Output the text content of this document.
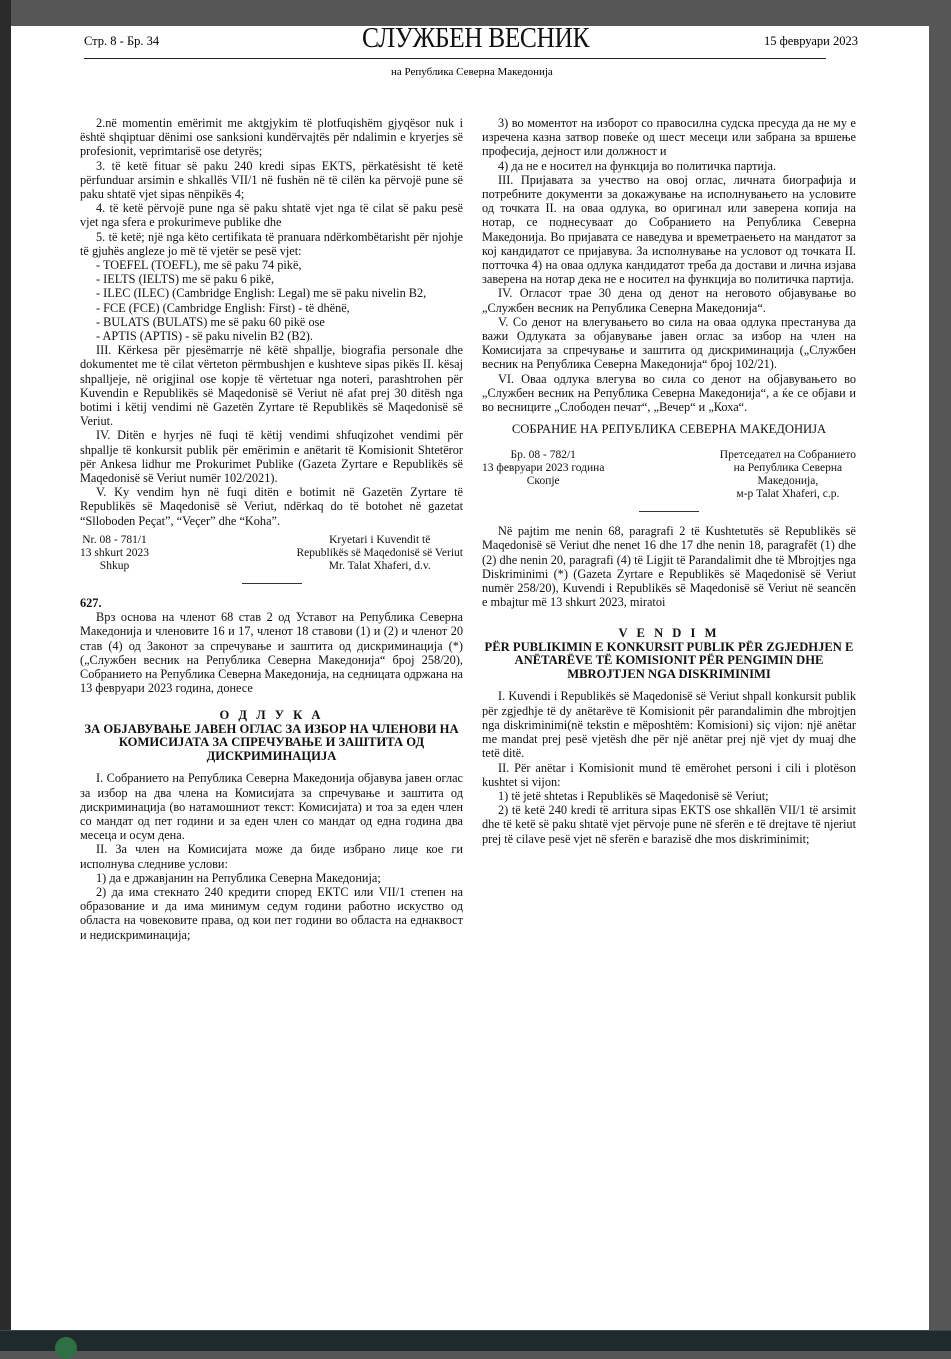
Стр. 8 - Бр. 34	СЛУЖБЕН ВЕСНИК
на Република Северна Македонија
15 февруари 2023

2.në momentin emërimit me aktgjykim të plotfuqishëm gjyqësor nuk i është shqiptuar dënimi ose sanksioni kundërvajtës për ndalimin e kryerjes së profesionit, veprimtarisë ose detyrës;

3. të ketë fituar së paku 240 kredi sipas EKTS, përkatësisht të ketë përfunduar arsimin e shkallës VII/1 në fushën në të cilën ka përvojë pune së paku shtatë vjet sipas nënpikës 4;

4. të ketë përvojë pune nga së paku shtatë vjet nga të cilat së paku pesë vjet nga sfera e prokurimeve publike dhe

5. të ketë; një nga këto certifikata të pranuara ndërkombëtarisht për njohje të gjuhës angleze jo më të vjetër se pesë vjet:

- TOEFEL (TOEFL), me së paku 74 pikë,

- IELTS (IELTS) me së paku 6 pikë,

- ILEC (ILEC) (Cambridge English: Legal) me së paku nivelin B2,

- FCE (FCE) (Cambridge English: First) - të dhënë,

- BULATS (BULATS) me së paku 60 pikë ose

- APTIS (APTIS) - së paku nivelin B2 (B2).

III. Kërkesa për pjesëmarrje në këtë shpallje, biografia personale dhe dokumentet me të cilat vërteton përmbushjen e kushteve sipas pikës II. kësaj shpalljeje, në origjinal ose kopje të vërtetuar nga noteri, parashtrohen për Kuvendin e Republikës së Maqedonisë së Veriut në afat prej 30 ditësh nga botimi i këtij vendimi në Gazetën Zyrtare të Republikës së Maqedonisë së Veriut.

IV. Ditën e hyrjes në fuqi të këtij vendimi shfuqizohet vendimi për shpallje të konkursit publik për emërimin e anëtarit të Komisionit Shtetëror për Ankesa lidhur me Prokurimet Publike (Gazeta Zyrtare e Republikës së Maqedonisë së Veriut numër 102/2021).

V. Ky vendim hyn në fuqi ditën e botimit në Gazetën Zyrtare të Republikës së Maqedonisë së Veriut, ndërkaq do të botohet në gazetat “Slloboden Peçat”, “Veçer” dhe “Koha”.

Nr. 08 - 781/1
13 shkurt 2023
Shkup
Kryetari i Kuvendit të
Republikës së Maqedonisë së Veriut
Mr. Talat Xhaferi, d.v.

627.

Врз основа на членот 68 став 2 од Уставот на Република Северна Македонија и членовите 16 и 17, членот 18 ставови (1) и (2) и членот 20 став (4) од Законот за спречување и заштита од дискриминација (*) („Службен весник на Република Северна Македонија“ број 258/20), Собранието на Република Северна Македонија, на седницата одржана на 13 февруари 2023 година, донесе

О Д Л У К А
ЗА ОБЈАВУВАЊЕ ЈАВЕН ОГЛАС ЗА ИЗБОР НА ЧЛЕНОВИ НА КОМИСИЈАТА ЗА СПРЕЧУВАЊЕ И ЗАШТИТА ОД ДИСКРИМИНАЦИЈА

I. Собранието на Република Северна Македонија објавува јавен оглас за избор на два члена на Комисијата за спречување и заштита од дискриминација (во натамошниот текст: Комисијата) и тоа за еден член со мандат од пет години и за еден член со мандат од една година два месеца и осум дена.

II. За член на Комисијата може да биде избрано лице кое ги исполнува следниве услови:

1) да е државјанин на Република Северна Македонија;

2) да има стекнато 240 кредити според ЕКТС или VII/1 степен на образование и да има минимум седум години работно искуство од областа на човековите права, од кои пет години во областа на еднаквост и недискриминација;

3) во моментот на изборот со правосилна судска пресуда да не му е изречена казна затвор повеќе од шест месеци или забрана за вршење професија, дејност или должност и

4) да не е носител на функција во политичка партија.

III. Пријавата за учество на овој оглас, личната биографија и потребните документи за докажување на исполнувањето на условите од точката II. на оваа одлука, во оригинал или заверена копија на нотар, се поднесуваат до Собранието на Република Северна Македонија. Во пријавата се наведува и времетраењето на мандатот за кој кандидатот се пријавува. За исполнување на условот од точката II. потточка 4) на оваа одлука кандидатот треба да достави и лична изјава заверена на нотар дека не е носител на функција во политичка партија.

IV. Огласот трае 30 дена од денот на неговото објавување во „Службен весник на Република Северна Македонија“.

V. Со денот на влегувањето во сила на оваа одлука престанува да важи Одлуката за објавување јавен оглас за избор на член на Комисијата за спречување и заштита од дискриминација („Службен весник на Република Северна Македонија“ број 102/21).

VI. Оваа одлука влегува во сила со денот на објавувањето во „Службен весник на Република Северна Македонија“, а ќе се објави и во весниците „Слободен печат“, „Вечер“ и „Коха“.

СОБРАНИЕ НА РЕПУБЛИКА СЕВЕРНА МАКЕДОНИЈА

Бр. 08 - 782/1
13 февруари 2023 година
Скопје
Претседател на Собранието
на Република Северна
Македонија,
м-р Talat Xhaferi, с.р.

Në pajtim me nenin 68, paragrafi 2 të Kushtetutës së Republikës së Maqedonisë së Veriut dhe nenet 16 dhe 17 dhe nenin 18, paragrafët (1) dhe (2) dhe nenin 20, paragrafi (4) të Ligjit të Parandalimit dhe të Mbrojtjes nga Diskriminimi (*) (Gazeta Zyrtare e Republikës së Maqedonisë së Veriut numër 258/20), Kuvendi i Republikës së Maqedonisë së Veriut në seancën e mbajtur më 13 shkurt 2023, miratoi

V E N D I M
PËR PUBLIKIMIN E KONKURSIT PUBLIK PËR ZGJEDHJEN E ANËTARËVE TË KOMISIONIT PËR PENGIMIN DHE MBROJTJEN NGA DISKRIMINIMI

I. Kuvendi i Republikës së Maqedonisë së Veriut shpall konkursit publik për zgjedhje të dy anëtarëve të Komisionit për parandalimin dhe mbrojtjen nga diskriminimi(në tekstin e mëposhtëm: Komisioni) siç vijon: një anëtar me mandat prej pesë vjetësh dhe për një anëtar prej një vjet dy muaj dhe tetë ditë.

II. Për anëtar i Komisionit mund të emërohet personi i cili i plotëson kushtet si vijon:

1) të jetë shtetas i Republikës së Maqedonisë së Veriut;

2) të ketë 240 kredi të arritura sipas EKTS ose shkallën VII/1 të arsimit dhe të ketë së paku shtatë vjet përvoje pune në sferën e të drejtave të njeriut prej të cilave pesë vjet në sferën e barazisë dhe mos diskriminimit;
